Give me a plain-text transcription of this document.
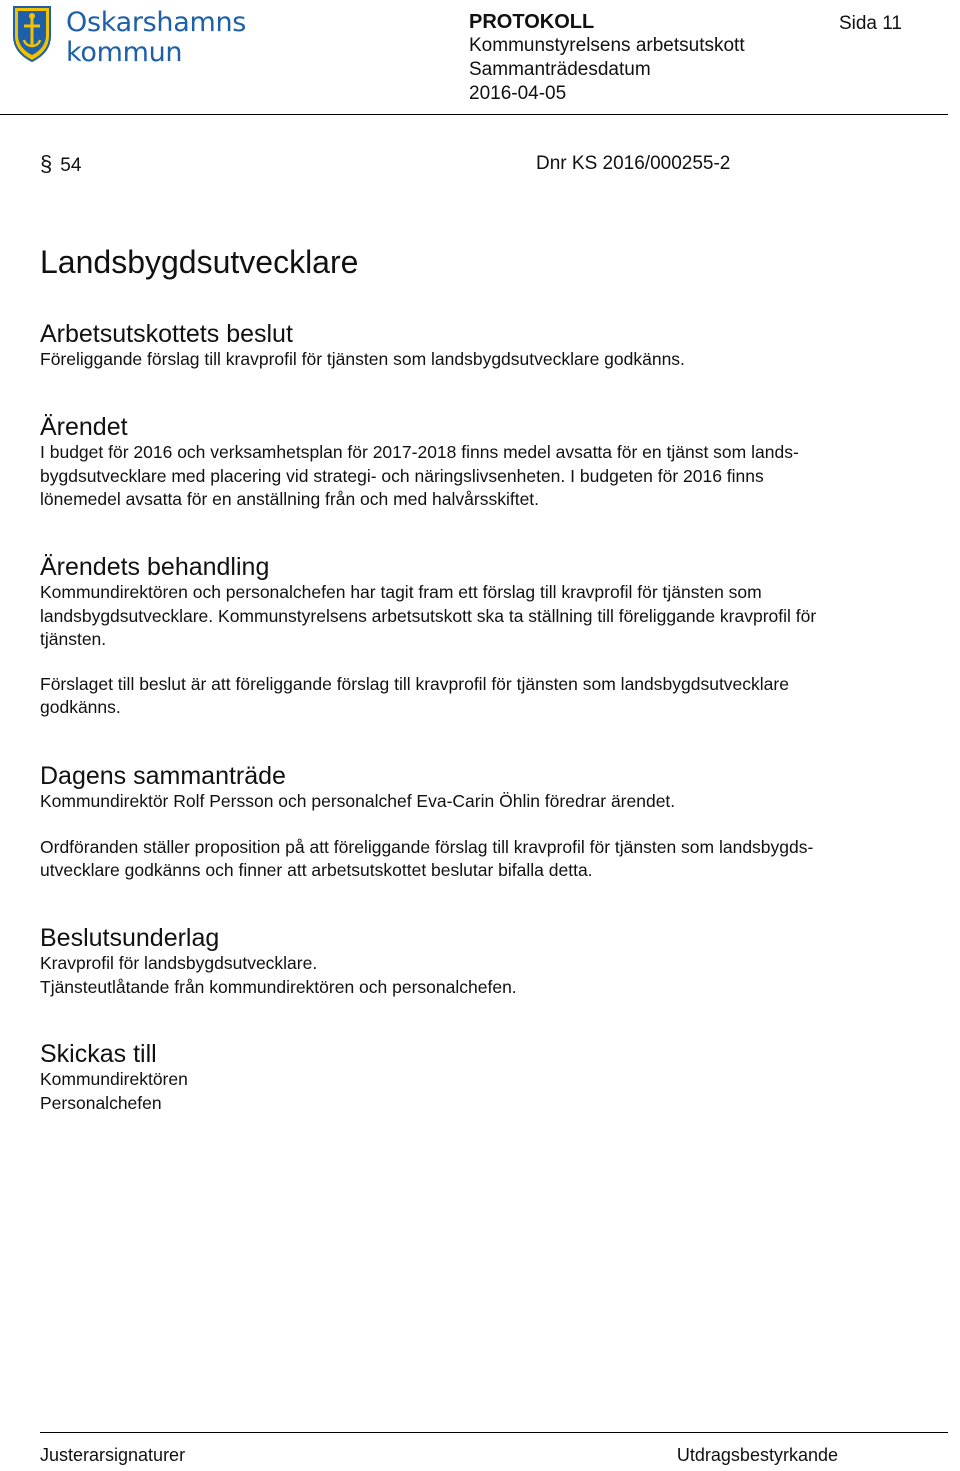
Oskarshamns
kommun
PROTOKOLL
Kommunstyrelsens arbetsutskott
Sammanträdesdatum
2016-04-05
Sida 11
§ 54	Dnr KS 2016/000255-2
Landsbygdsutvecklare
Arbetsutskottets beslut

Föreliggande förslag till kravprofil för tjänsten som landsbygdsutvecklare godkänns.

Ärendet

I budget för 2016 och verksamhetsplan för 2017-2018 finns medel avsatta för en tjänst som lands-

bygdsutvecklare med placering vid strategi- och näringslivsenheten. I budgeten för 2016 finns

lönemedel avsatta för en anställning från och med halvårsskiftet.

Ärendets behandling

Kommundirektören och personalchefen har tagit fram ett förslag till kravprofil för tjänsten som

landsbygdsutvecklare. Kommunstyrelsens arbetsutskott ska ta ställning till föreliggande kravprofil för

tjänsten.

Förslaget till beslut är att föreliggande förslag till kravprofil för tjänsten som landsbygdsutvecklare

godkänns.

Dagens sammanträde

Kommundirektör Rolf Persson och personalchef Eva-Carin Öhlin föredrar ärendet.

Ordföranden ställer proposition på att föreliggande förslag till kravprofil för tjänsten som landsbygds-

utvecklare godkänns och finner att arbetsutskottet beslutar bifalla detta.

Beslutsunderlag

Kravprofil för landsbygdsutvecklare.

Tjänsteutlåtande från kommundirektören och personalchefen.

Skickas till

Kommundirektören

Personalchefen

Justerarsignaturer	Utdragsbestyrkande
